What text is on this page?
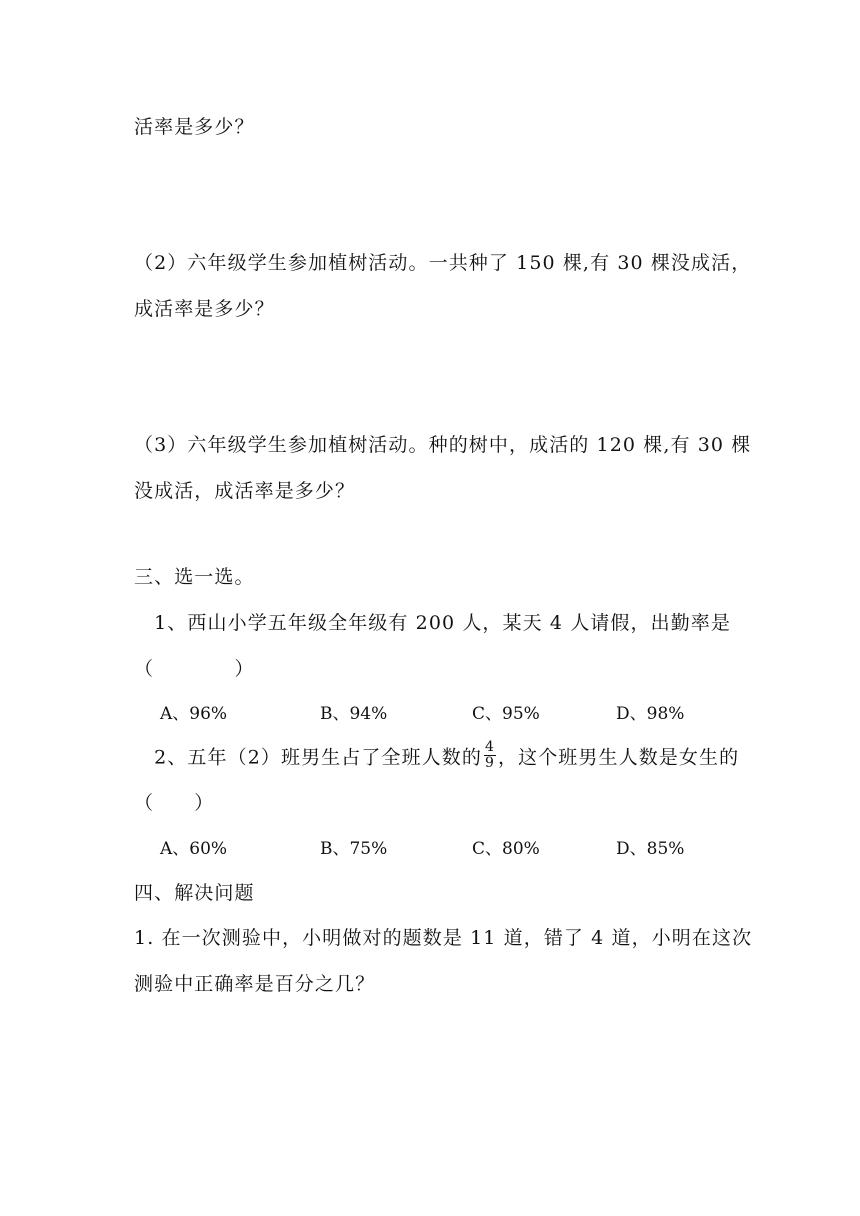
活率是多少？
（2）六年级学生参加植树活动。一共种了 150 棵,有 30 棵没成活，
成活率是多少？
（3）六年级学生参加植树活动。种的树中，成活的 120 棵,有 30 棵
没成活，成活率是多少？
三、选一选。
　1、西山小学五年级全年级有 200 人，某天 4 人请假，出勤率是
（　　　　）
A、96%	B、94%	C、95%	D、98%
　2、五年（2）班男生占了全班人数的 $\frac{4}{9}$ ，这个班男生人数是女生的
（　　）
A、60%	B、75%	C、80%	D、85%
四、解决问题
1. 在一次测验中，小明做对的题数是 11 道，错了 4 道，小明在这次
测验中正确率是百分之几？
